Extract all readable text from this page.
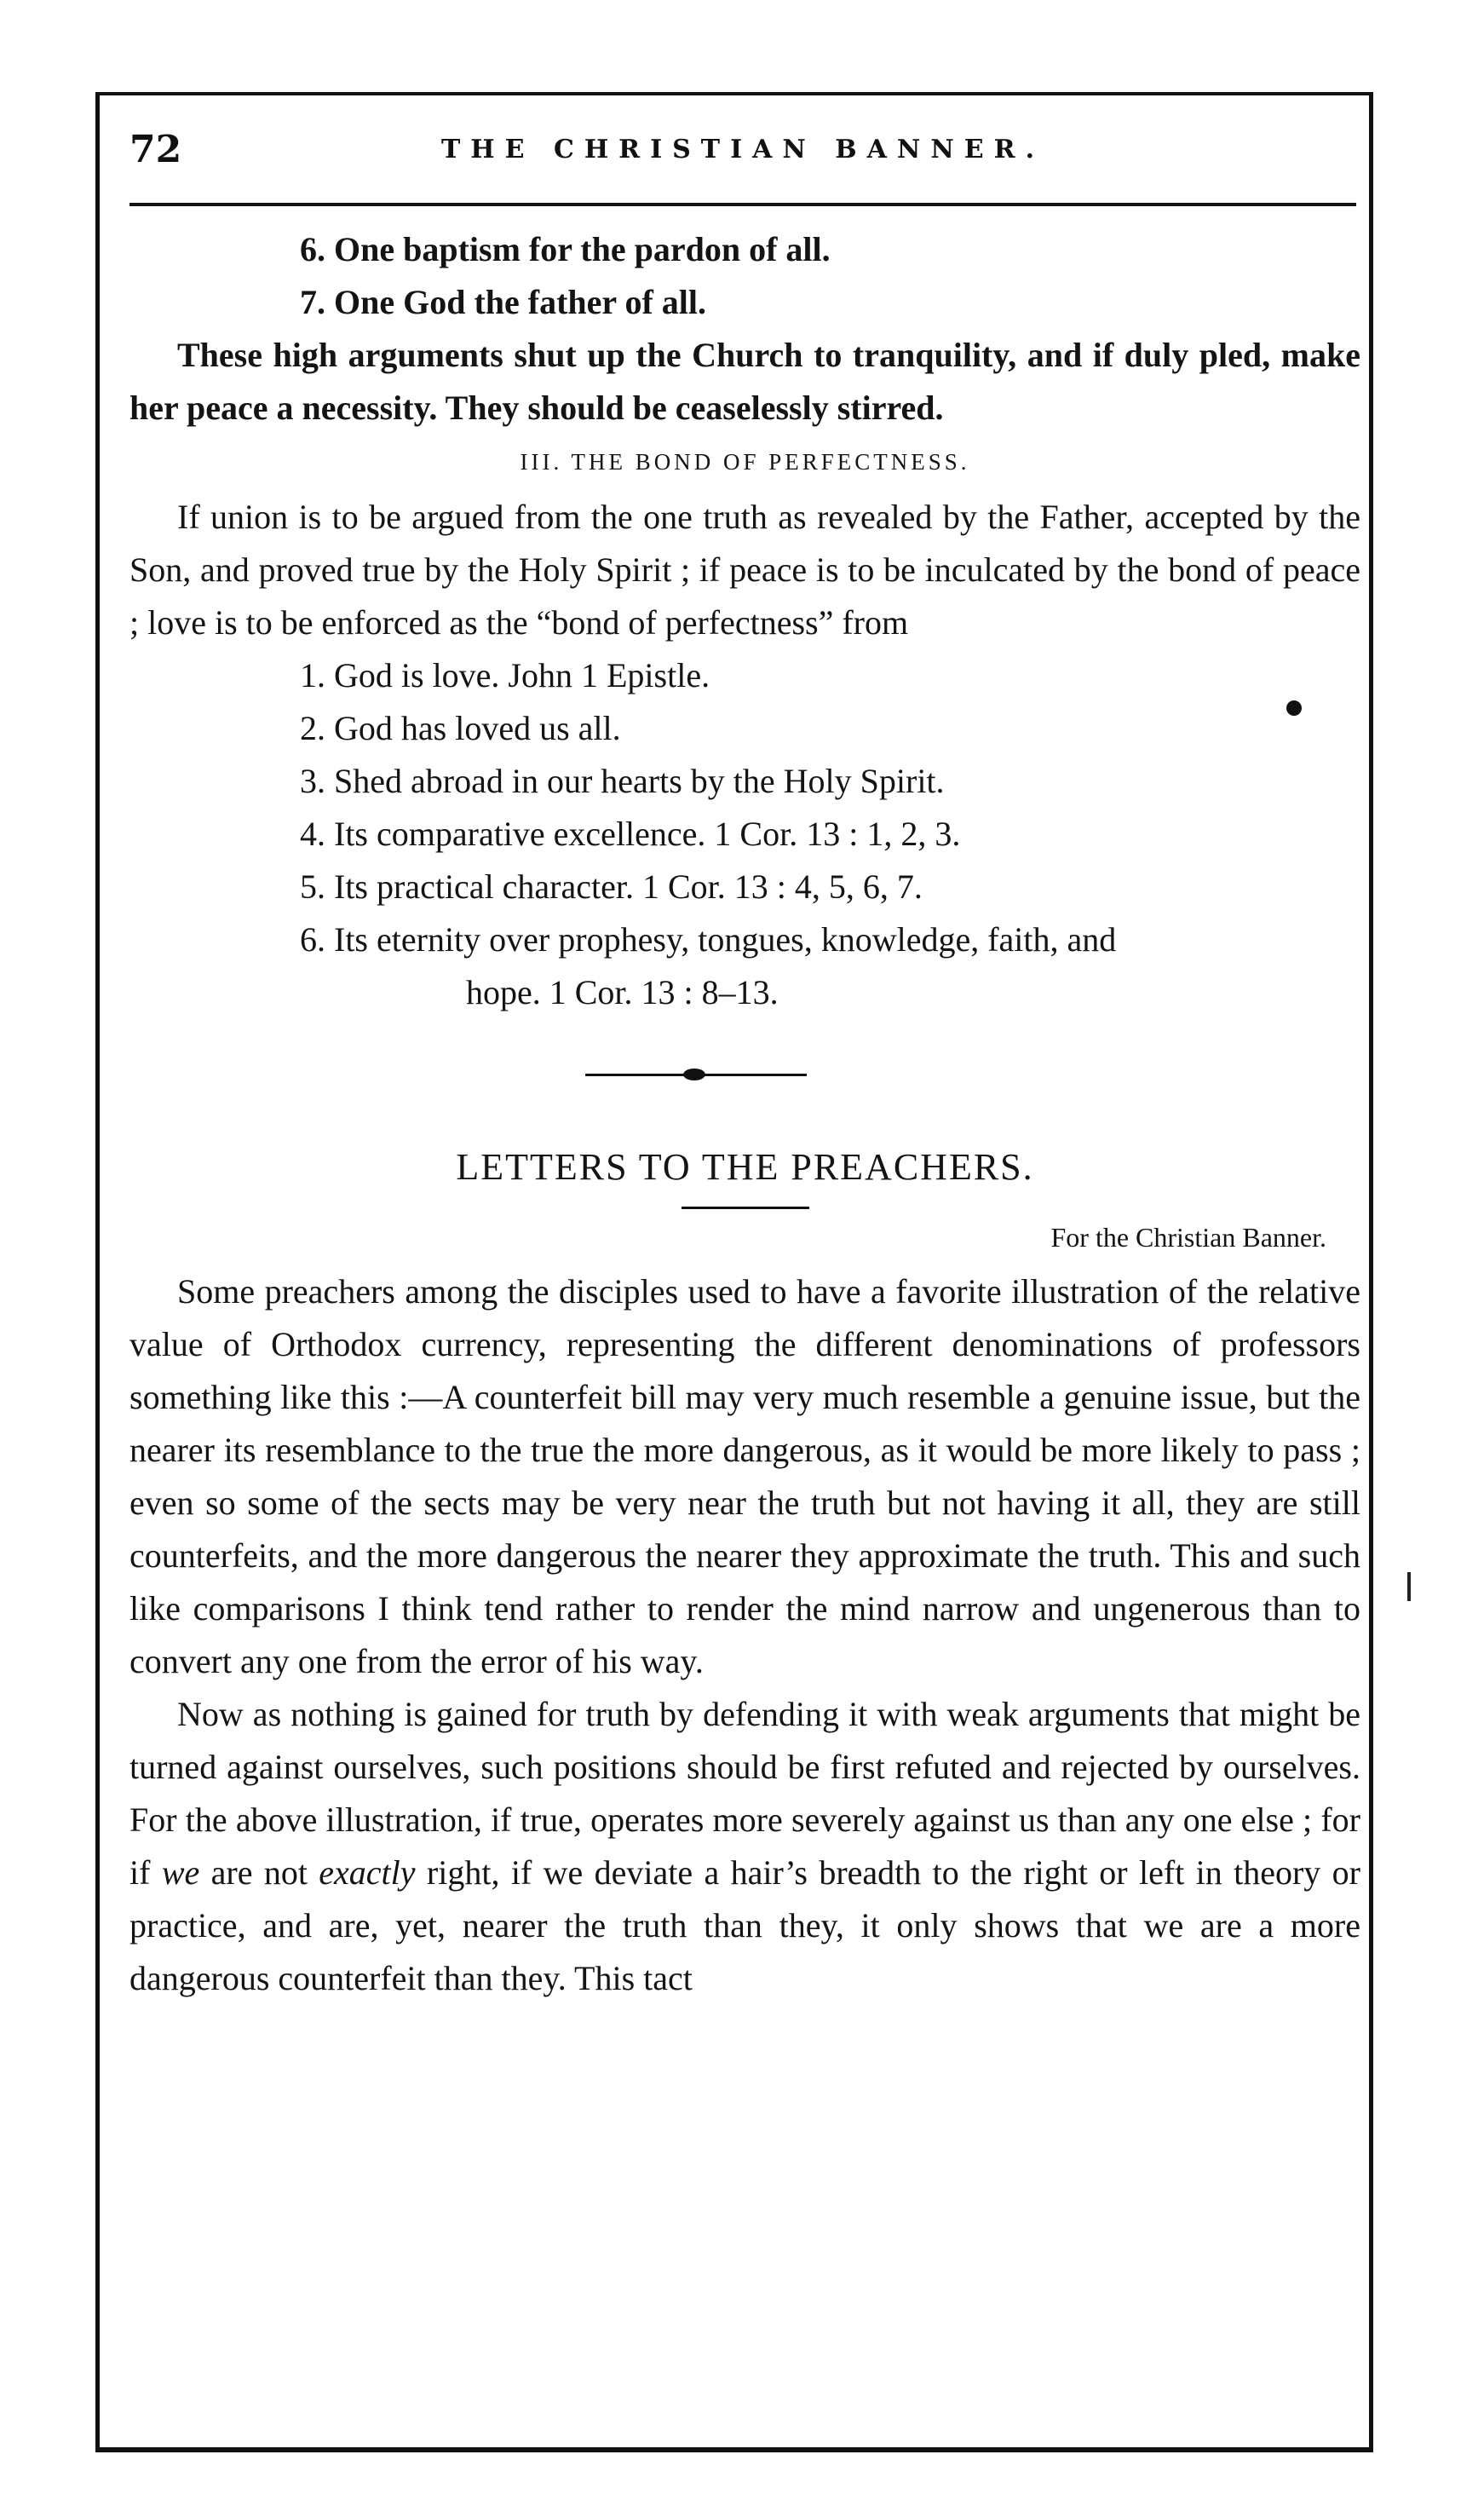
72	THE CHRISTIAN BANNER.
6. One baptism for the pardon of all.
7. One God the father of all.

These high arguments shut up the Church to tranquility, and if duly pled, make her peace a necessity. They should be ceaselessly stirred.

III. THE BOND OF PERFECTNESS.

If union is to be argued from the one truth as revealed by the Father, accepted by the Son, and proved true by the Holy Spirit ; if peace is to be inculcated by the bond of peace ; love is to be enforced as the “bond of perfectness” from

1. God is love. John 1 Epistle.
2. God has loved us all.
3. Shed abroad in our hearts by the Holy Spirit.
4. Its comparative excellence. 1 Cor. 13 : 1, 2, 3.
5. Its practical character. 1 Cor. 13 : 4, 5, 6, 7.
6. Its eternity over prophesy, tongues, knowledge, faith, and
hope. 1 Cor. 13 : 8–13.
LETTERS TO THE PREACHERS.
For the Christian Banner.

Some preachers among the disciples used to have a favorite illustration of the relative value of Orthodox currency, representing the different denominations of professors something like this :—A counterfeit bill may very much resemble a genuine issue, but the nearer its resemblance to the true the more dangerous, as it would be more likely to pass ; even so some of the sects may be very near the truth but not having it all, they are still counterfeits, and the more dangerous the nearer they approximate the truth. This and such like comparisons I think tend rather to render the mind narrow and ungenerous than to convert any one from the error of his way.

Now as nothing is gained for truth by defending it with weak arguments that might be turned against ourselves, such positions should be first refuted and rejected by ourselves. For the above illustration, if true, operates more severely against us than any one else ; for if we are not exactly right, if we deviate a hair’s breadth to the right or left in theory or practice, and are, yet, nearer the truth than they, it only shows that we are a more dangerous counterfeit than they. This tact
